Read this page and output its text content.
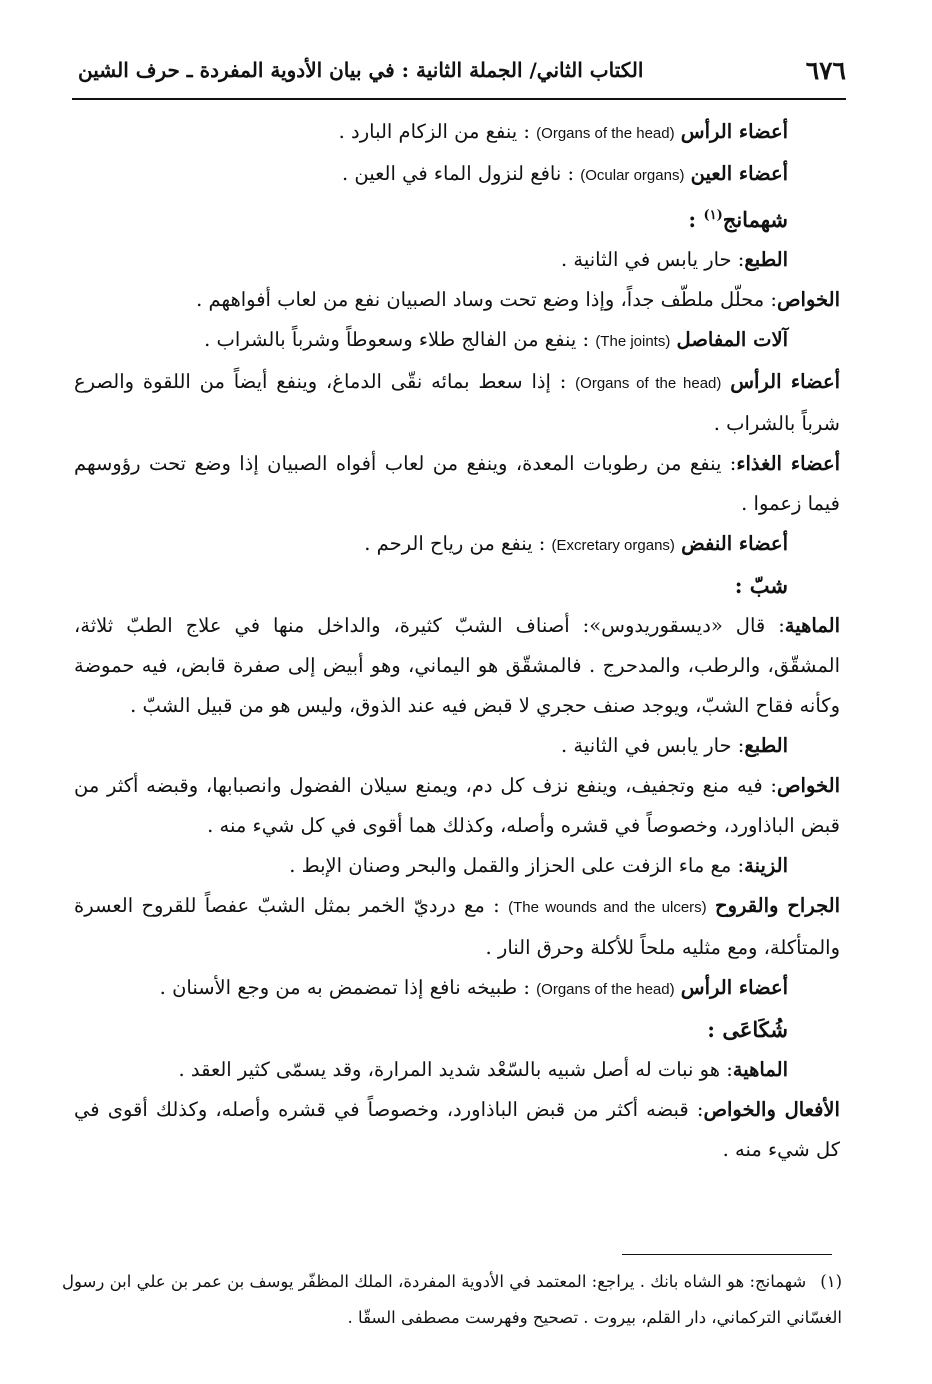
٦٧٦
الكتاب الثاني/ الجملة الثانية : في بيان الأدوية المفردة ـ حرف الشين

أعضاء الرأس (Organs of the head) : ينفع من الزكام البارد .

أعضاء العين (Ocular organs) : نافع لنزول الماء في العين .

شهمانج$^{(١)}$ :

الطبع: حار يابس في الثانية .

الخواص: محلّل ملطّف جداً، وإذا وضع تحت وساد الصبيان نفع من لعاب أفواههم .

آلات المفاصل (The joints) : ينفع من الفالج طلاء وسعوطاً وشرباً بالشراب .

أعضاء الرأس (Organs of the head) : إذا سعط بمائه نقّى الدماغ، وينفع أيضاً من اللقوة والصرع شرباً بالشراب .

أعضاء الغذاء: ينفع من رطوبات المعدة، وينفع من لعاب أفواه الصبيان إذا وضع تحت رؤوسهم فيما زعموا .

أعضاء النفض (Excretary organs) : ينفع من رياح الرحم .

شبّ :

الماهية: قال «ديسقوريدوس»: أصناف الشبّ كثيرة، والداخل منها في علاج الطبّ ثلاثة، المشقّق، والرطب، والمدحرج . فالمشقّق هو اليماني، وهو أبيض إلى صفرة قابض، فيه حموضة وكأنه فقاح الشبّ، ويوجد صنف حجري لا قبض فيه عند الذوق، وليس هو من قبيل الشبّ .

الطبع: حار يابس في الثانية .

الخواص: فيه منع وتجفيف، وينفع نزف كل دم، ويمنع سيلان الفضول وانصبابها، وقبضه أكثر من قبض الباذاورد، وخصوصاً في قشره وأصله، وكذلك هما أقوى في كل شيء منه .

الزينة: مع ماء الزفت على الحزاز والقمل والبحر وصنان الإبط .

الجراح والقروح (The wounds and the ulcers) : مع درديّ الخمر بمثل الشبّ عفصاً للقروح العسرة والمتأكلة، ومع مثليه ملحاً للأكلة وحرق النار .

أعضاء الرأس (Organs of the head) : طبيخه نافع إذا تمضمض به من وجع الأسنان .

شُكَاعَى :

الماهية: هو نبات له أصل شبيه بالسّعْد شديد المرارة، وقد يسمّى كثير العقد .

الأفعال والخواص: قبضه أكثر من قبض الباذاورد، وخصوصاً في قشره وأصله، وكذلك أقوى في كل شيء منه .

(١)شهمانج: هو الشاه بانك . يراجع: المعتمد في الأدوية المفردة، الملك المظفّر يوسف بن عمر بن علي ابن رسول الغسّاني التركماني، دار القلم، بيروت . تصحيح وفهرست مصطفى السقّا .
